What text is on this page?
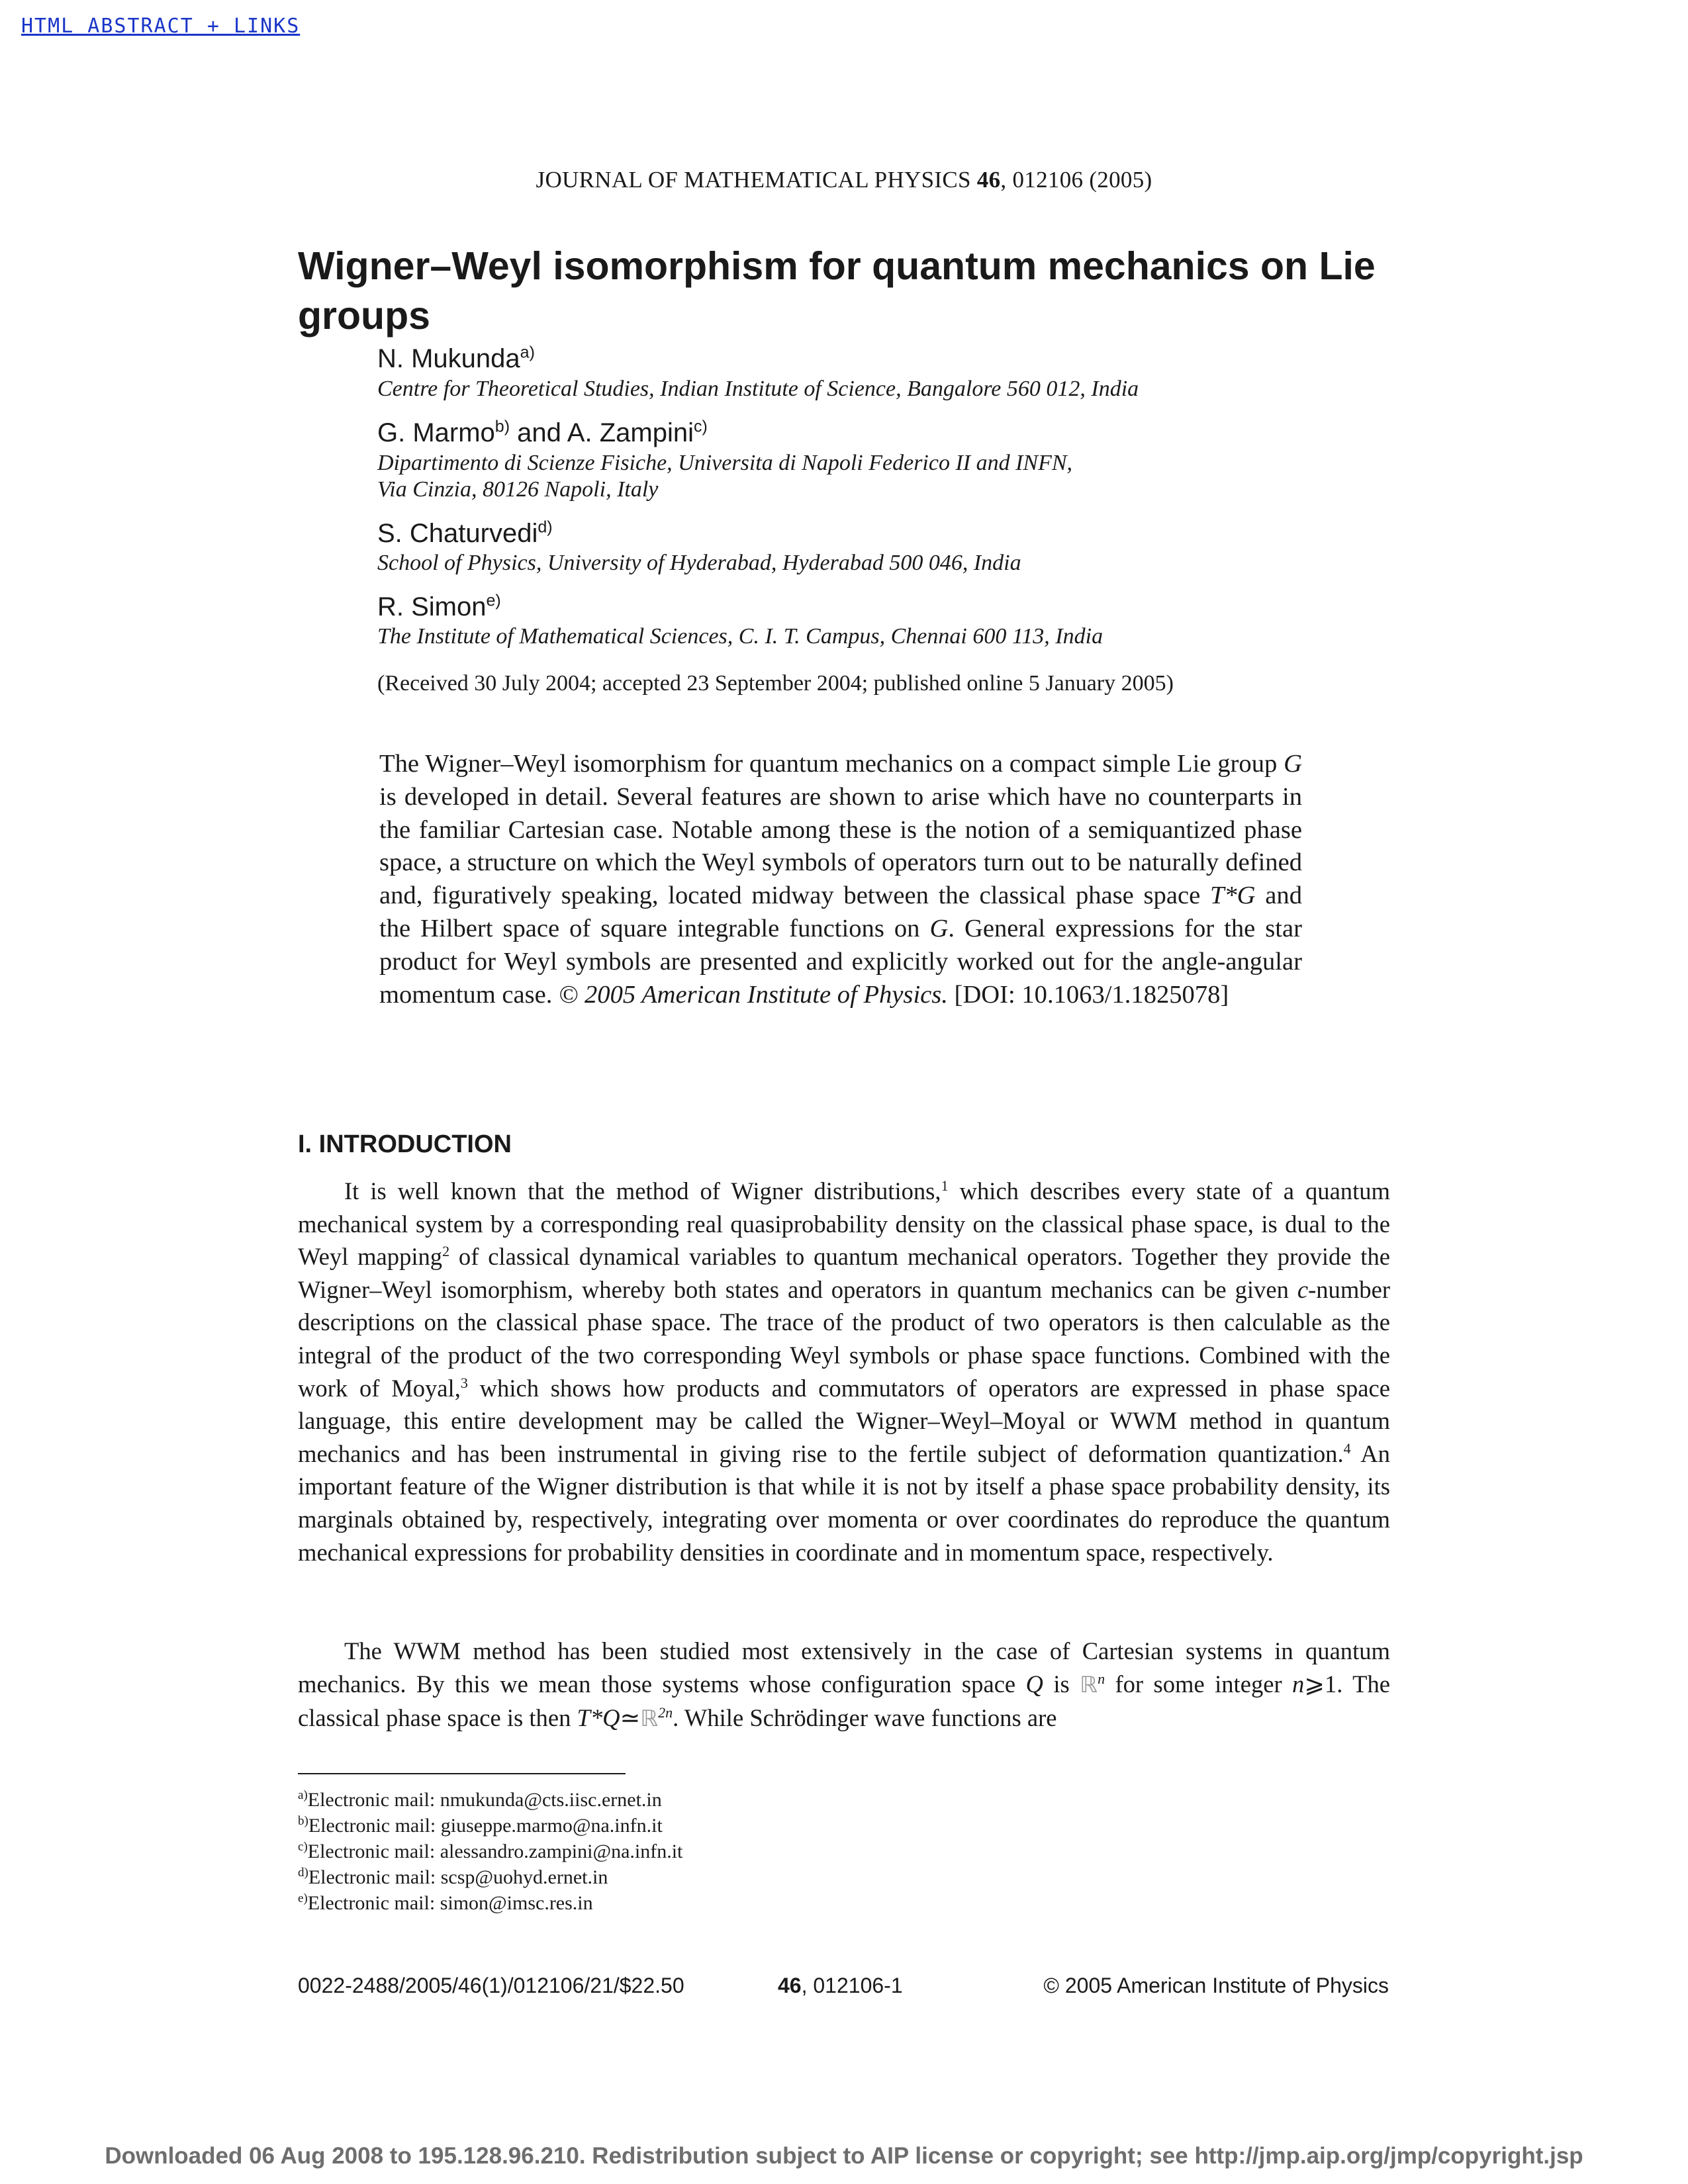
HTML ABSTRACT + LINKS
JOURNAL OF MATHEMATICAL PHYSICS 46, 012106 (2005)
Wigner–Weyl isomorphism for quantum mechanics on Lie groups
N. Mukunda$^{a)}$
Centre for Theoretical Studies, Indian Institute of Science, Bangalore 560 012, India
G. Marmo$^{b)}$ and A. Zampini$^{c)}$
Dipartimento di Scienze Fisiche, Universita di Napoli Federico II and INFN,
Via Cinzia, 80126 Napoli, Italy
S. Chaturvedi$^{d)}$
School of Physics, University of Hyderabad, Hyderabad 500 046, India
R. Simon$^{e)}$
The Institute of Mathematical Sciences, C. I. T. Campus, Chennai 600 113, India
(Received 30 July 2004; accepted 23 September 2004; published online 5 January 2005)

The Wigner–Weyl isomorphism for quantum mechanics on a compact simple Lie group G is developed in detail. Several features are shown to arise which have no counterparts in the familiar Cartesian case. Notable among these is the notion of a semiquantized phase space, a structure on which the Weyl symbols of operators turn out to be naturally defined and, figuratively speaking, located midway between the classical phase space T*G and the Hilbert space of square integrable functions on G. General expressions for the star product for Weyl symbols are presented and explicitly worked out for the angle-angular momentum case. © 2005 American Institute of Physics. [DOI: 10.1063/1.1825078]

I. INTRODUCTION

It is well known that the method of Wigner distributions,$^1$ which describes every state of a quantum mechanical system by a corresponding real quasiprobability density on the classical phase space, is dual to the Weyl mapping$^2$ of classical dynamical variables to quantum mechanical operators. Together they provide the Wigner–Weyl isomorphism, whereby both states and operators in quantum mechanics can be given c-number descriptions on the classical phase space. The trace of the product of two operators is then calculable as the integral of the product of the two corresponding Weyl symbols or phase space functions. Combined with the work of Moyal,$^3$ which shows how products and commutators of operators are expressed in phase space language, this entire development may be called the Wigner–Weyl–Moyal or WWM method in quantum mechanics and has been instrumental in giving rise to the fertile subject of deformation quantization.$^4$ An important feature of the Wigner distribution is that while it is not by itself a phase space probability density, its marginals obtained by, respectively, integrating over momenta or over coordinates do reproduce the quantum mechanical expressions for probability densities in coordinate and in momentum space, respectively.

The WWM method has been studied most extensively in the case of Cartesian systems in quantum mechanics. By this we mean those systems whose configuration space Q is ℝ$^n$ for some integer n⩾1. The classical phase space is then T*Q≃ℝ$^{2n}$. While Schrödinger wave functions are

$^{a)}$Electronic mail: nmukunda@cts.iisc.ernet.in
$^{b)}$Electronic mail: giuseppe.marmo@na.infn.it
$^{c)}$Electronic mail: alessandro.zampini@na.infn.it
$^{d)}$Electronic mail: scsp@uohyd.ernet.in
$^{e)}$Electronic mail: simon@imsc.res.in
0022-2488/2005/46(1)/012106/21/$22.50	46, 012106-1	© 2005 American Institute of Physics
Downloaded 06 Aug 2008 to 195.128.96.210. Redistribution subject to AIP license or copyright; see http://jmp.aip.org/jmp/copyright.jsp
